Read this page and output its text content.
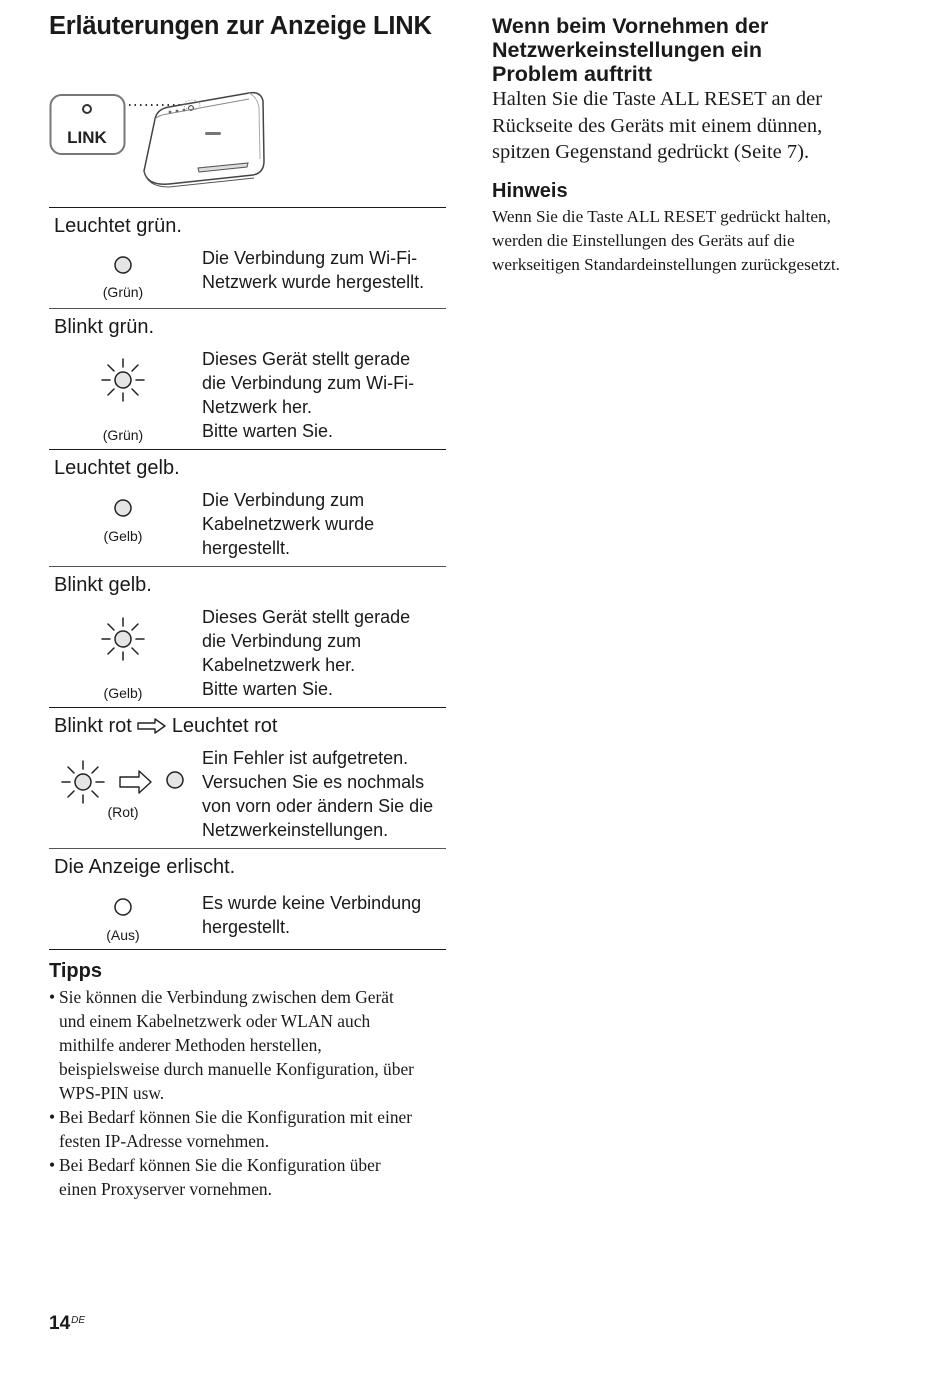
Erläuterungen zur Anzeige LINK
LINK
Leuchtet grün.
(Grün)
Die Verbindung zum Wi-Fi-
Netzwerk wurde hergestellt.
Blinkt grün.
(Grün)
Dieses Gerät stellt gerade
die Verbindung zum Wi-Fi-
Netzwerk her.
Bitte warten Sie.
Leuchtet gelb.
(Gelb)
Die Verbindung zum
Kabelnetzwerk wurde
hergestellt.
Blinkt gelb.
(Gelb)
Dieses Gerät stellt gerade
die Verbindung zum
Kabelnetzwerk her.
Bitte warten Sie.
Blinkt rot Leuchtet rot
(Rot)
Ein Fehler ist aufgetreten.
Versuchen Sie es nochmals
von vorn oder ändern Sie die
Netzwerkeinstellungen.
Die Anzeige erlischt.
(Aus)
Es wurde keine Verbindung
hergestellt.
Tipps
• Sie können die Verbindung zwischen dem Gerät
und einem Kabelnetzwerk oder WLAN auch
mithilfe anderer Methoden herstellen,
beispielsweise durch manuelle Konfiguration, über
WPS-PIN usw.
• Bei Bedarf können Sie die Konfiguration mit einer
festen IP-Adresse vornehmen.
• Bei Bedarf können Sie die Konfiguration über
einen Proxyserver vornehmen.
Wenn beim Vornehmen der
Netzwerkeinstellungen ein
Problem auftritt

Halten Sie die Taste ALL RESET an der
Rückseite des Geräts mit einem dünnen,
spitzen Gegenstand gedrückt (Seite 7).

Hinweis

Wenn Sie die Taste ALL RESET gedrückt halten,
werden die Einstellungen des Geräts auf die
werkseitigen Standardeinstellungen zurückgesetzt.

14DE
